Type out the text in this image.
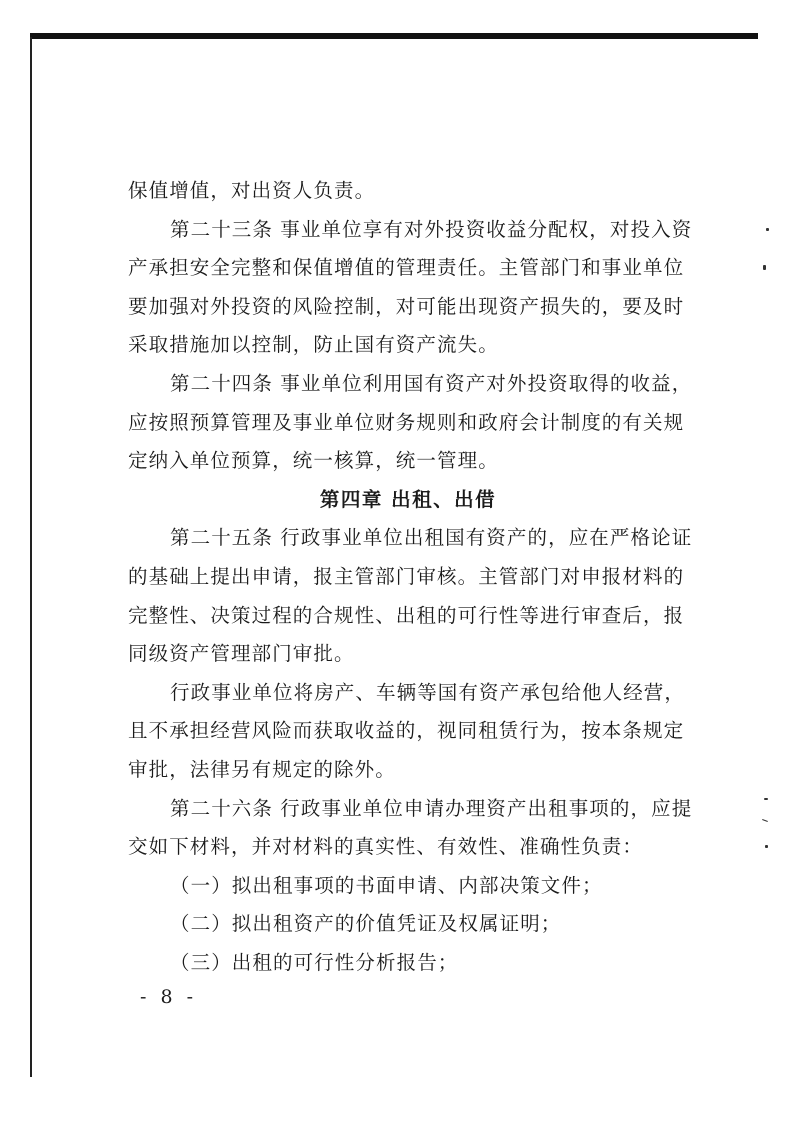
保值增值，对出资人负责。
第二十三条 事业单位享有对外投资收益分配权，对投入资
产承担安全完整和保值增值的管理责任。主管部门和事业单位
要加强对外投资的风险控制，对可能出现资产损失的，要及时
采取措施加以控制，防止国有资产流失。
第二十四条 事业单位利用国有资产对外投资取得的收益，
应按照预算管理及事业单位财务规则和政府会计制度的有关规
定纳入单位预算，统一核算，统一管理。
第四章 出租、出借
第二十五条 行政事业单位出租国有资产的，应在严格论证
的基础上提出申请，报主管部门审核。主管部门对申报材料的
完整性、决策过程的合规性、出租的可行性等进行审查后，报
同级资产管理部门审批。
行政事业单位将房产、车辆等国有资产承包给他人经营，
且不承担经营风险而获取收益的，视同租赁行为，按本条规定
审批，法律另有规定的除外。
第二十六条 行政事业单位申请办理资产出租事项的，应提
交如下材料，并对材料的真实性、有效性、准确性负责：
（一）拟出租事项的书面申请、内部决策文件；
（二）拟出租资产的价值凭证及权属证明；
（三）出租的可行性分析报告；
- 8 -
